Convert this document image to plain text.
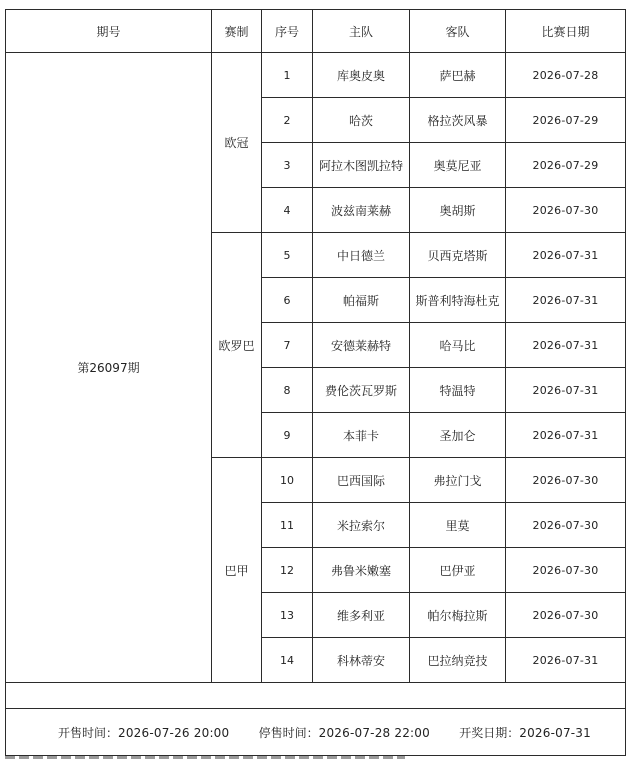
期号	赛制	序号	主队	客队	比赛日期
第26097期	欧冠	1	库奥皮奥	萨巴赫	2026-07-28
		2	哈茨	格拉茨风暴	2026-07-29
		3	阿拉木图凯拉特	奥莫尼亚	2026-07-29
		4	波兹南莱赫	奥胡斯	2026-07-30
	欧罗巴	5	中日德兰	贝西克塔斯	2026-07-31
		6	帕福斯	斯普利特海杜克	2026-07-31
		7	安德莱赫特	哈马比	2026-07-31
		8	费伦茨瓦罗斯	特温特	2026-07-31
		9	本菲卡	圣加仑	2026-07-31
	巴甲	10	巴西国际	弗拉门戈	2026-07-30
		11	米拉索尔	里莫	2026-07-30
		12	弗鲁米嫩塞	巴伊亚	2026-07-30
		13	维多利亚	帕尔梅拉斯	2026-07-30
		14	科林蒂安	巴拉纳竞技	2026-07-31

开售时间：2026-07-26 20:00 停售时间：2026-07-28 22:00 开奖日期：2026-07-31					
